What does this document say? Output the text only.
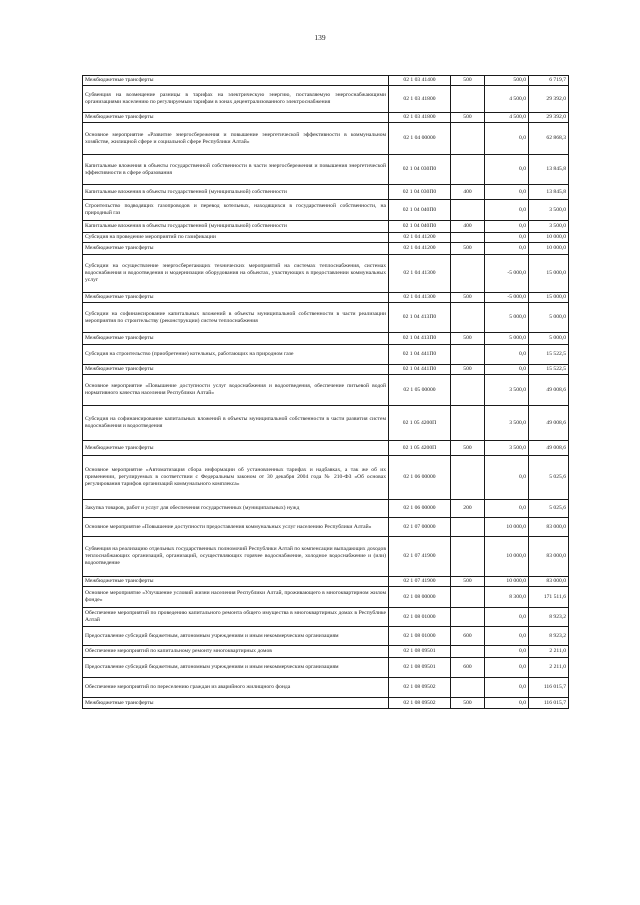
139
Межбюджетные трансферты	02 1 03 41400	500	500,0	6 719,7
Субвенция на возмещение разницы в тарифах на электрическую энергию, поставляемую энергоснабжающими организациями населению по регулируемым тарифам в зонах децентрализованного электроснабжения	02 1 03 41800		4 500,0	29 392,0
Межбюджетные трансферты	02 1 03 41800	500	4 500,0	29 392,0
Основное мероприятие «Развитие энергосбережения и повышение энергетической эффективности в коммунальном хозяйстве, жилищной сфере и социальной сфере Республики Алтай»	02 1 04 00000		0,0	62 868,3
Капитальные вложения в объекты государственной собственности в части энергосбережения и повышения энергетической эффективности в сфере образования	02 1 04 030П0		0,0	13 845,8
Капитальные вложения в объекты государственной (муниципальной) собственности	02 1 04 030П0	400	0,0	13 845,8
Строительство подводящих газопроводов и перевод котельных, находящихся в государственной собственности, на природный газ	02 1 04 040П0		0,0	3 500,0
Капитальные вложения в объекты государственной (муниципальной) собственности	02 1 04 040П0	400	0,0	3 500,0
Субсидия на проведение мероприятий по газификации	02 1 04 41200		0,0	10 000,0
Межбюджетные трансферты	02 1 04 41200	500	0,0	10 000,0
Субсидии на осуществление энергосберегающих технических мероприятий на системах теплоснабжения, системах водоснабжения и водоотведения и модернизации оборудования на объектах, участвующих в предоставлении коммунальных услуг	02 1 04 41300		-5 000,0	15 000,0
Межбюджетные трансферты	02 1 04 41300	500	-5 000,0	15 000,0
Субсидии на софинансирование капитальных вложений в объекты муниципальной собственности в части реализации мероприятия по строительству (реконструкции) систем теплоснабжения	02 1 04 413П0		5 000,0	5 000,0
Межбюджетные трансферты	02 1 04 413П0	500	5 000,0	5 000,0
Субсидия на строительство (приобретение) котельных, работающих на природном газе	02 1 04 441П0		0,0	15 522,5
Межбюджетные трансферты	02 1 04 441П0	500	0,0	15 522,5
Основное мероприятие «Повышение доступности услуг водоснабжения и водоотведения, обеспечение питьевой водой нормативного качества населения Республики Алтай»	02 1 05 00000		3 500,0	49 008,6
Субсидия на софинансирование капитальных вложений в объекты муниципальной собственности в части развития систем водоснабжения и водоотведения	02 1 05 4200П		3 500,0	49 008,6
Межбюджетные трансферты	02 1 05 4200П	500	3 500,0	49 008,6
Основное мероприятие «Автоматизация сбора информации об установленных тарифах и надбавках, а так же об их применении, регулируемых в соответствии с Федеральным законом от 30 декабря 2004 года № 210-ФЗ «Об основах регулирования тарифов организаций коммунального комплекса»	02 1 06 00000		0,0	5 025,6
Закупка товаров, работ и услуг для обеспечения государственных (муниципальных) нужд	02 1 06 00000	200	0,0	5 025,6
Основное мероприятие «Повышение доступности предоставления коммунальных услуг населению Республики Алтай»	02 1 07 00000		10 000,0	83 000,0
Субвенция на реализацию отдельных государственных полномочий Республики Алтай по компенсации выпадающих доходов теплоснабжающих организаций, организаций, осуществляющих горячее водоснабжение, холодное водоснабжение и (или) водоотведение	02 1 07 41900		10 000,0	83 000,0
Межбюджетные трансферты	02 1 07 41900	500	10 000,0	83 000,0
Основное мероприятие «Улучшение условий жизни населения Республики Алтай, проживающего в многоквартирном жилом фонде»	02 1 08 00000		8 300,0	171 511,6
Обеспечение мероприятий по проведению капитального ремонта общего имущества в многоквартирных домах в Республике Алтай	02 1 08 01000		0,0	8 923,2
Предоставление субсидий бюджетным, автономным учреждениям и иным некоммерческим организациям	02 1 08 01000	600	0,0	8 923,2
Обеспечение мероприятий по капитальному ремонту многоквартирных домов	02 1 08 09501		0,0	2 211,0
Предоставление субсидий бюджетным, автономным учреждениям и иным некоммерческим организациям	02 1 08 09501	600	0,0	2 211,0
Обеспечение мероприятий по переселению граждан из аварийного жилищного фонда	02 1 08 09502		0,0	116 015,7
Межбюджетные трансферты	02 1 08 09502	500	0,0	116 015,7
